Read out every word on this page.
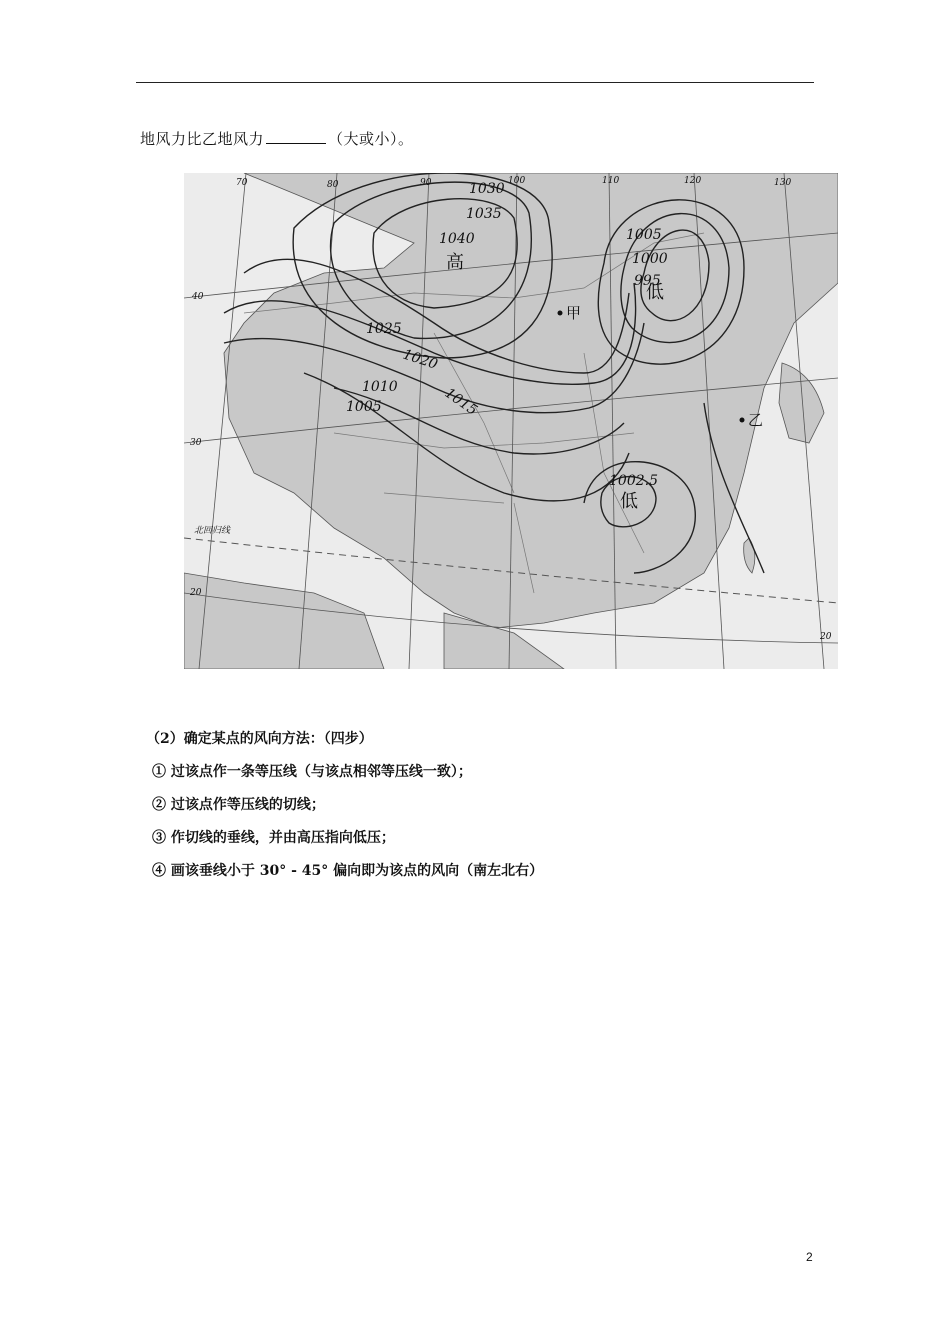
地风力比乙地风力	（大或小）。
70	80	90	100	110	120	130
40
30
20
20
北回归线
1030
1035
1040
1025
1020
1015
1010
1005
1005
1000
995
1002.5
高
低
低
甲
乙
（2）确定某点的风向方法：（四步）
① 过该点作一条等压线（与该点相邻等压线一致）；
② 过该点作等压线的切线；
③ 作切线的垂线，并由高压指向低压；
④ 画该垂线小于 30° - 45° 偏向即为该点的风向（南左北右）
2
